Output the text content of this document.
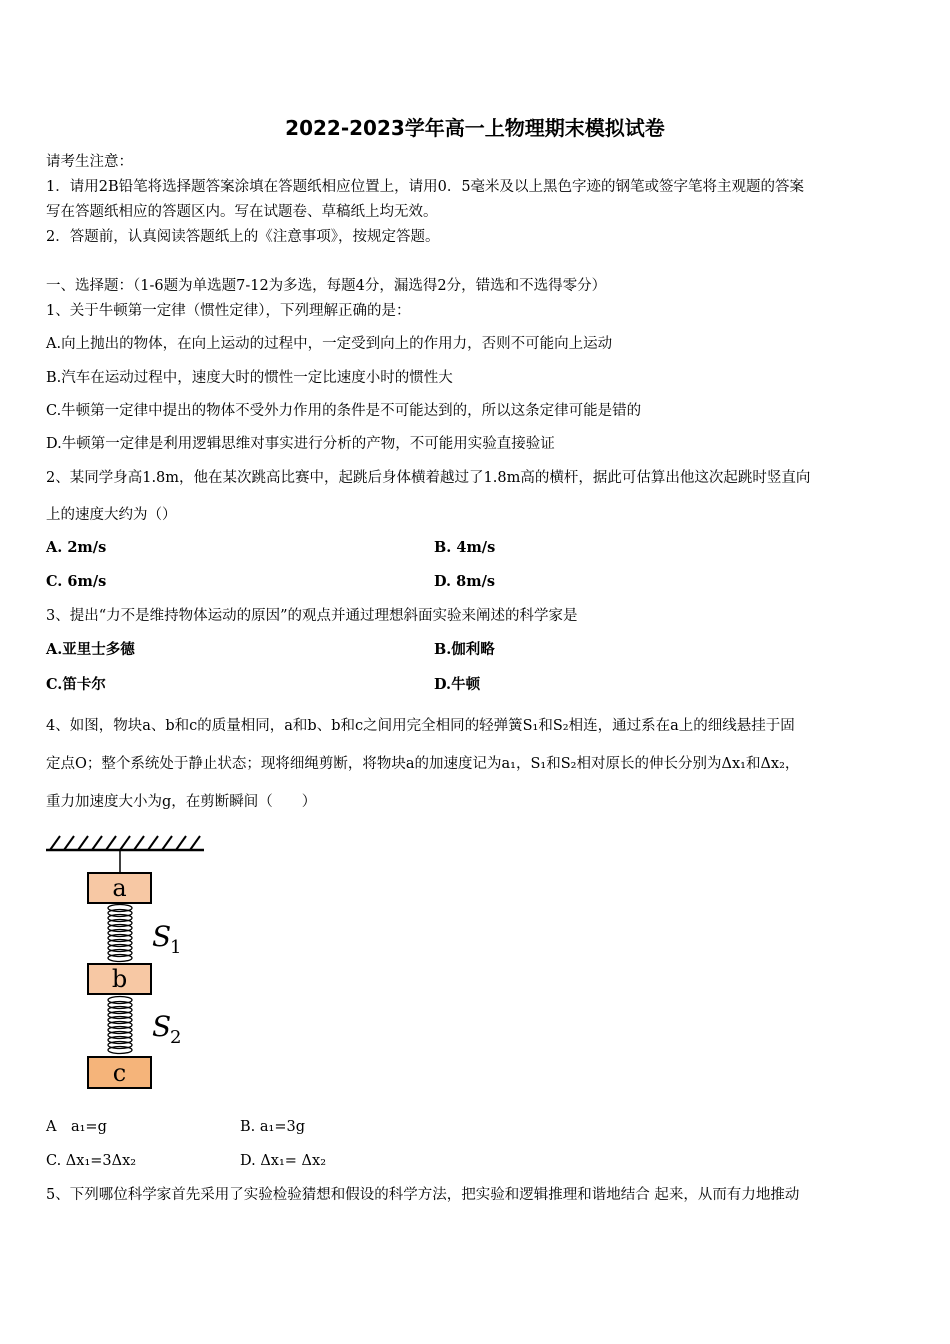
2022-2023学年高一上物理期末模拟试卷
请考生注意：
1．请用2B铅笔将选择题答案涂填在答题纸相应位置上，请用0．5毫米及以上黑色字迹的钢笔或签字笔将主观题的答案
写在答题纸相应的答题区内。写在试题卷、草稿纸上均无效。
2．答题前，认真阅读答题纸上的《注意事项》，按规定答题。
一、选择题：（1-6题为单选题7-12为多选，每题4分，漏选得2分，错选和不选得零分）
1、关于牛顿第一定律（惯性定律），下列理解正确的是：
A.向上抛出的物体，在向上运动的过程中，一定受到向上的作用力，否则不可能向上运动
B.汽车在运动过程中，速度大时的惯性一定比速度小时的惯性大
C.牛顿第一定律中提出的物体不受外力作用的条件是不可能达到的，所以这条定律可能是错的
D.牛顿第一定律是利用逻辑思维对事实进行分析的产物，不可能用实验直接验证
2、某同学身高1.8m，他在某次跳高比赛中，起跳后身体横着越过了1.8m高的横杆，据此可估算出他这次起跳时竖直向
上的速度大约为（）
A. 2m/s	B. 4m/s
C. 6m/s	D. 8m/s
3、提出“力不是维持物体运动的原因”的观点并通过理想斜面实验来阐述的科学家是
A.亚里士多德	B.伽利略
C.笛卡尔	D.牛顿
4、如图，物块a、b和c的质量相同，a和b、b和c之间用完全相同的轻弹簧S₁和S₂相连，通过系在a上的细线悬挂于固
定点O；整个系统处于静止状态；现将细绳剪断，将物块a的加速度记为a₁，S₁和S₂相对原长的伸长分别为Δx₁和Δx₂，
重力加速度大小为g，在剪断瞬间（　　）
a
S
1
b
S
2
c
A　a₁=g	B. a₁=3g
C. Δx₁=3Δx₂	D. Δx₁= Δx₂
5、下列哪位科学家首先采用了实验检验猜想和假设的科学方法，把实验和逻辑推理和谐地结合 起来，从而有力地推动
